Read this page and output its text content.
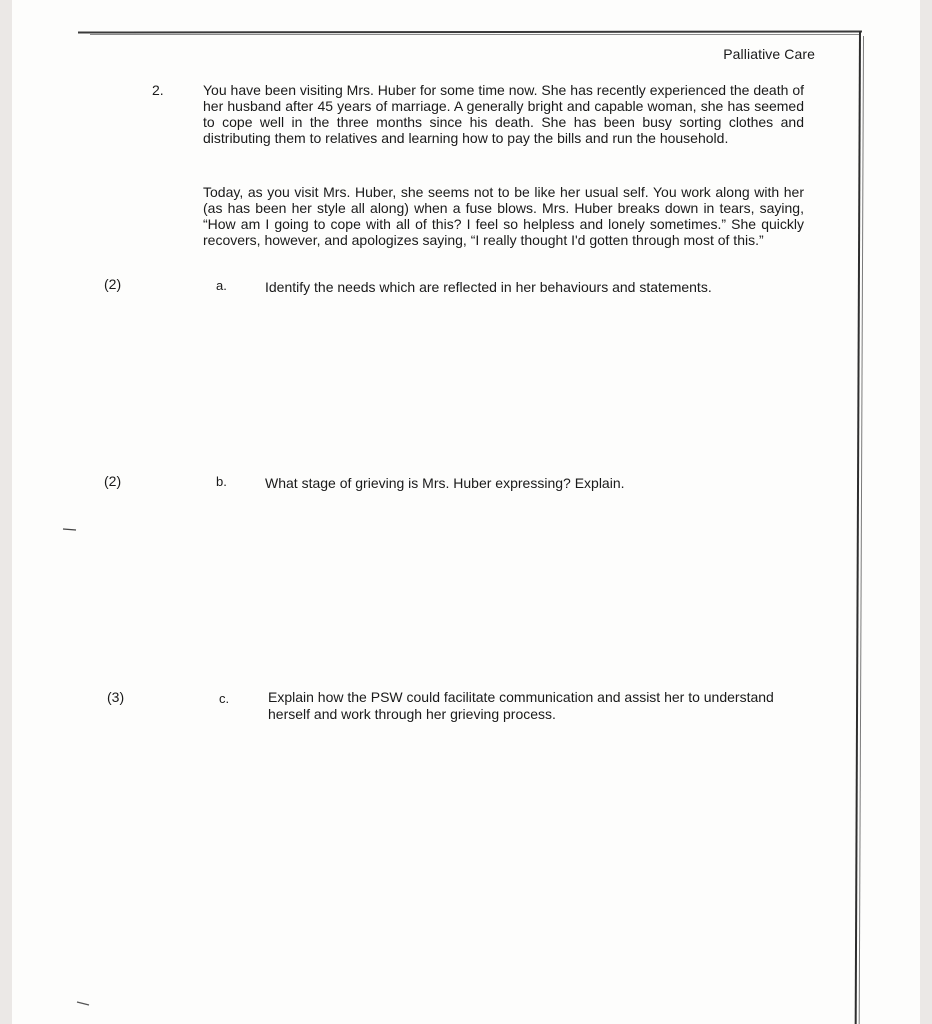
Palliative Care
2.	You have been visiting Mrs. Huber for some time now. She has recently experienced the death of her husband after 45 years of marriage. A generally bright and capable woman, she has seemed to cope well in the three months since his death. She has been busy sorting clothes and distributing them to relatives and learning how to pay the bills and run the household.

Today, as you visit Mrs. Huber, she seems not to be like her usual self. You work along with her (as has been her style all along) when a fuse blows. Mrs. Huber breaks down in tears, saying, “How am I going to cope with all of this? I feel so helpless and lonely sometimes.” She quickly recovers, however, and apologizes saying, “I really thought I'd gotten through most of this.”

(2)	a.	Identify the needs which are reflected in her behaviours and statements.
(2)	b.	What stage of grieving is Mrs. Huber expressing? Explain.
(3)	c.	Explain how the PSW could facilitate communication and assist her to understand herself and work through her grieving process.
